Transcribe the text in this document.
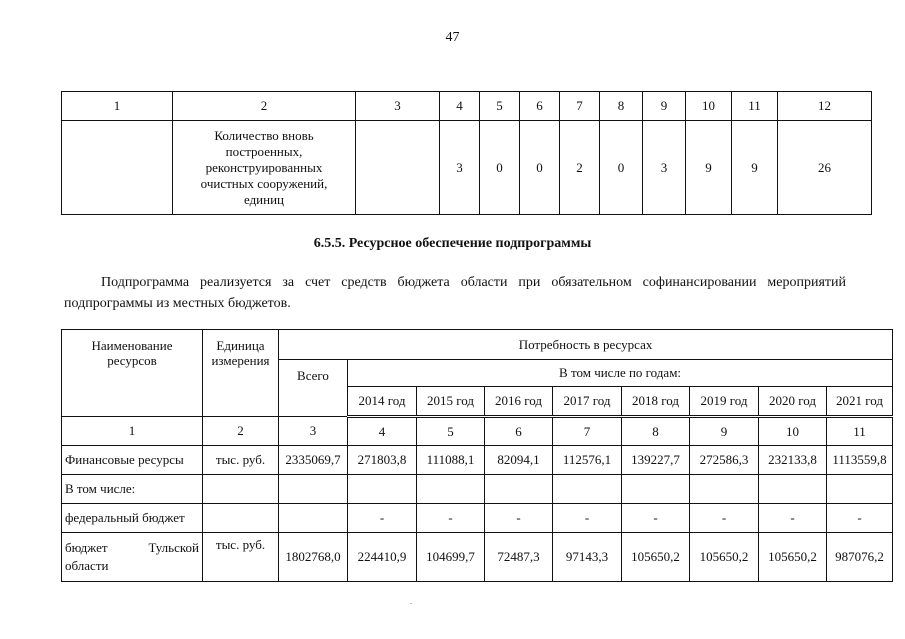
47
1	2	3	4	5	6	7	8	9	10	11	12

	Количество вновь
построенных,
реконструированных
очистных сооружений,
единиц		3	0	0	2	0	3	9	9	26
6.5.5. Ресурсное обеспечение подпрограммы
Подпрограмма реализуется за счет средств бюджета области при обязательном софинансировании мероприятий
подпрограммы из местных бюджетов.
Наименование
ресурсов	Единица
измерения	Потребность в ресурсах								
		Всего	В том числе по годам:							
			2014 год	2015 год	2016 год	2017 год	2018 год	2019 год	2020 год	2021 год
1	2	3	4	5	6	7	8	9	10	11
Финансовые ресурсы	тыс. руб.	2335069,7	271803,8	111088,1	82094,1	112576,1	139227,7	272586,3	232133,8	1113559,8
В том числе:										
федеральный бюджет			-	-	-	-	-	-	-	-

бюджет Тульской
области	тыс. руб.	1802768,0	224410,9	104699,7	72487,3	97143,3	105650,2	105650,2	105650,2	987076,2
